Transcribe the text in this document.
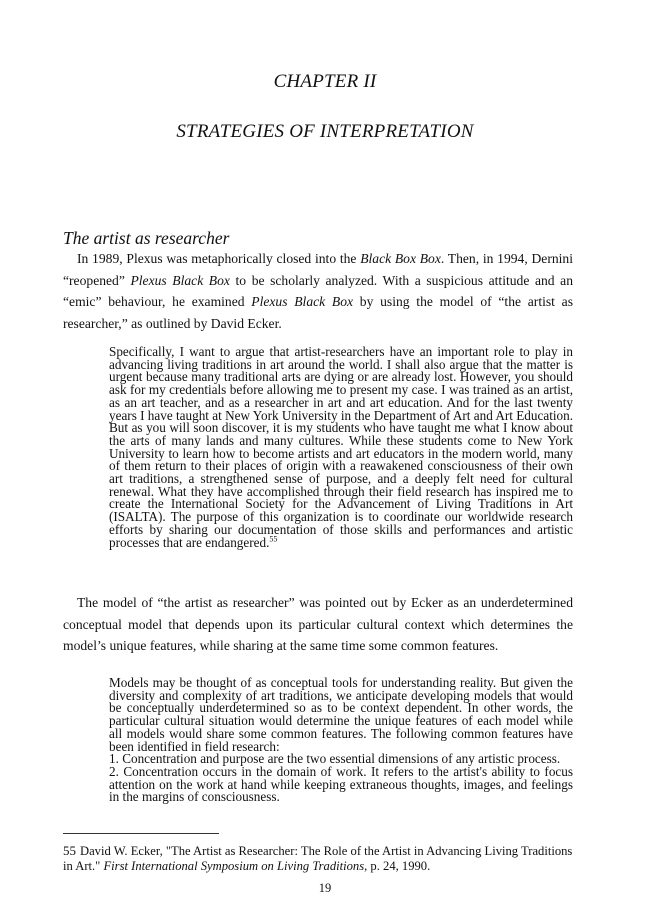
CHAPTER II
STRATEGIES OF INTERPRETATION
The artist as researcher

In 1989, Plexus was metaphorically closed into the Black Box Box. Then, in 1994, Dernini “reopened” Plexus Black Box to be scholarly analyzed. With a suspicious attitude and an “emic” behaviour, he examined Plexus Black Box by using the model of “the artist as researcher,” as outlined by David Ecker.

Specifically, I want to argue that artist-researchers have an important role to play in advancing living traditions in art around the world. I shall also argue that the matter is urgent because many traditional arts are dying or are already lost. However, you should ask for my credentials before allowing me to present my case. I was trained as an artist, as an art teacher, and as a researcher in art and art education. And for the last twenty years I have taught at New York University in the Department of Art and Art Education. But as you will soon discover, it is my students who have taught me what I know about the arts of many lands and many cultures. While these students come to New York University to learn how to become artists and art educators in the modern world, many of them return to their places of origin with a reawakened consciousness of their own art traditions, a strengthened sense of purpose, and a deeply felt need for cultural renewal. What they have accomplished through their field research has inspired me to create the International Society for the Advancement of Living Traditions in Art (ISALTA). The purpose of this organization is to coordinate our worldwide research efforts by sharing our documentation of those skills and performances and artistic processes that are endangered.$^{55}$

The model of “the artist as researcher” was pointed out by Ecker as an underdetermined conceptual model that depends upon its particular cultural context which determines the model’s unique features, while sharing at the same time some common features.

Models may be thought of as conceptual tools for understanding reality. But given the diversity and complexity of art traditions, we anticipate developing models that would be conceptually underdetermined so as to be context dependent. In other words, the particular cultural situation would determine the unique features of each model while all models would share some common features. The following common features have been identified in field research:
1. Concentration and purpose are the two essential dimensions of any artistic process.
2. Concentration occurs in the domain of work. It refers to the artist's ability to focus attention on the work at hand while keeping extraneous thoughts, images, and feelings in the margins of consciousness.

55 David W. Ecker, "The Artist as Researcher: The Role of the Artist in Advancing Living Traditions in Art." First International Symposium on Living Traditions, p. 24, 1990.

19
